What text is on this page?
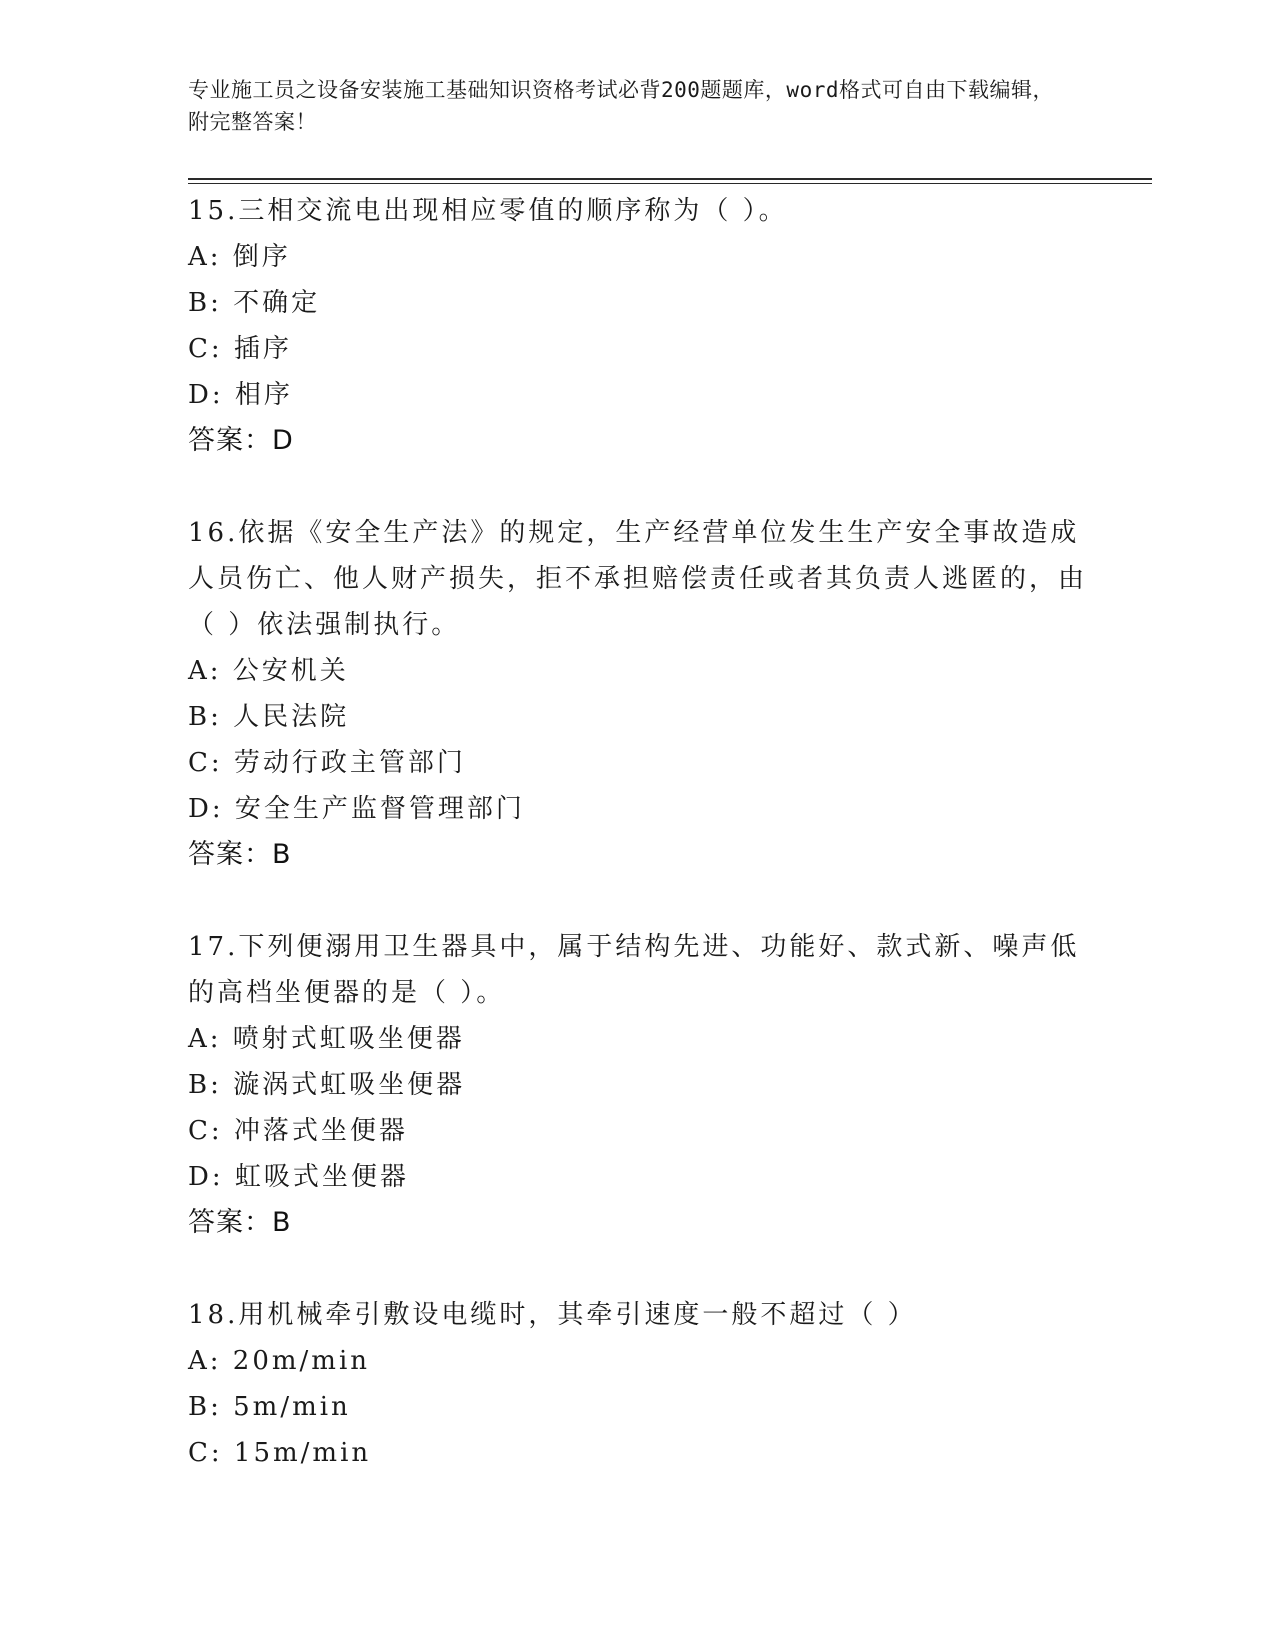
专业施工员之设备安装施工基础知识资格考试必背200题题库，word格式可自由下载编辑，附完整答案！

15.三相交流电出现相应零值的顺序称为（ ）。

A: 倒序

B: 不确定

C: 插序

D: 相序

答案：D

16.依据《安全生产法》的规定，生产经营单位发生生产安全事故造成人员伤亡、他人财产损失，拒不承担赔偿责任或者其负责人逃匿的，由（ ）依法强制执行。

A: 公安机关

B: 人民法院

C: 劳动行政主管部门

D: 安全生产监督管理部门

答案：B

17.下列便溺用卫生器具中，属于结构先进、功能好、款式新、噪声低的高档坐便器的是（ ）。

A: 喷射式虹吸坐便器

B: 漩涡式虹吸坐便器

C: 冲落式坐便器

D: 虹吸式坐便器

答案：B

18.用机械牵引敷设电缆时，其牵引速度一般不超过（ ）

A: 20m/min

B: 5m/min

C: 15m/min
